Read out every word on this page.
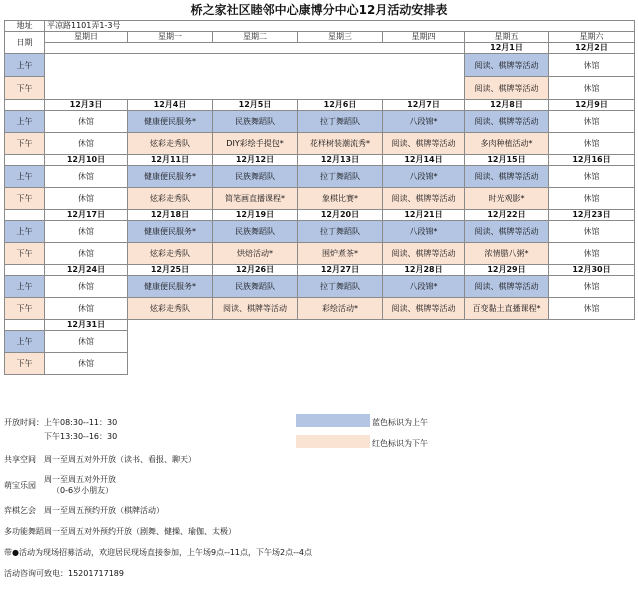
桥之家社区睦邻中心康博分中心12月活动安排表
地址	平凉路1101弄1-3号						
日期	星期日	星期一	星期二	星期三	星期四	星期五	星期六
						12月1日	12月2日
上午						阅读、棋牌等活动	休馆
下午						阅读、棋牌等活动	休馆
	12月3日	12月4日	12月5日	12月6日	12月7日	12月8日	12月9日
上午	休馆	健康便民服务*	民族舞蹈队	拉丁舞蹈队	八段锦*	阅读、棋牌等活动	休馆
下午	休馆	炫彩走秀队	DIY彩绘手提包*	花样树装潮流秀*	阅读、棋牌等活动	多肉种植活动*	休馆
	12月10日	12月11日	12月12日	12月13日	12月14日	12月15日	12月16日
上午	休馆	健康便民服务*	民族舞蹈队	拉丁舞蹈队	八段锦*	阅读、棋牌等活动	休馆
下午	休馆	炫彩走秀队	简笔画直播课程*	象棋比赛*	阅读、棋牌等活动	时光观影*	休馆
	12月17日	12月18日	12月19日	12月20日	12月21日	12月22日	12月23日
上午	休馆	健康便民服务*	民族舞蹈队	拉丁舞蹈队	八段锦*	阅读、棋牌等活动	休馆
下午	休馆	炫彩走秀队	烘焙活动*	围炉煮茶*	阅读、棋牌等活动	浓情腊八粥*	休馆
	12月24日	12月25日	12月26日	12月27日	12月28日	12月29日	12月30日
上午	休馆	健康便民服务*	民族舞蹈队	拉丁舞蹈队	八段锦*	阅读、棋牌等活动	休馆
下午	休馆	炫彩走秀队	阅读、棋牌等活动	彩绘活动*	阅读、棋牌等活动	百变黏土直播课程*	休馆
	12月31日						
上午	休馆						
下午	休馆						
开放时间： 上午08:30--11：30
下午13:30--16：30
蓝色标识为上午
红色标识为下午
共享空间 周一至周五对外开放（读书、看报、聊天）
萌宝乐园
周一至周五对外开放
（0-6岁小朋友）
弈棋乞会 周一至周五预约开放（棋牌活动）
多功能舞蹈周一至周五对外预约开放（剧舞、健操、瑜伽、太极）
带●活动为现场招募活动，欢迎居民现场直接参加，上午场9点--11点，下午场2点--4点
活动咨询可致电：15201717189
